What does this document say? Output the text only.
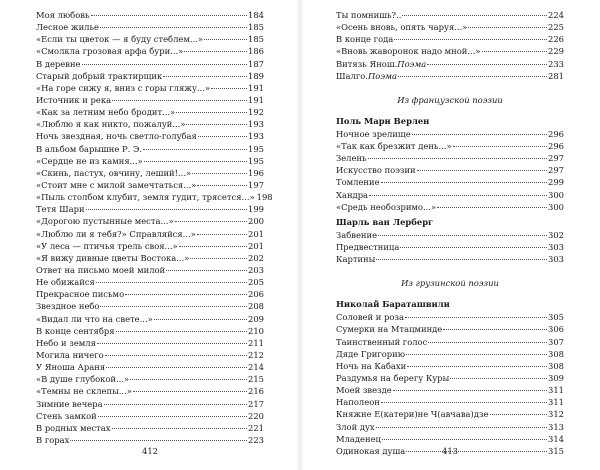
Моя любовь	184
Лесное жилье	185
«Если ты цветок — я буду стеблем...»	185
«Смолкла грозовая арфа бури...»	186
В деревне	187
Старый добрый трактирщик	189
«На горе сижу я, вниз с горы гляжу...»	191
Источник и река	191
«Как за летним небо бродит...»	192
«Люблю я как никто, пожалуй...»	193
Ночь звездная, ночь светло-голубая	193
В альбом барышне Р. Э.	195
«Сердце не из камня...»	195
«Скинь, пастух, овчину, леший!...»	196
«Стоит мне с милой замечтаться...»	197
«Пыль столбом клубит, земля гудит, трясется...» 198
Тетя Шари	199
«Дорогою пустынные места...»	200
«Люблю ли я тебя?» Справляйся...»	201
«У леса — птичья трель своя...»	201
«Я вижу дивные цветы Востока...»	202
Ответ на письмо моей милой	203
Не обижайся	205
Прекрасное письмо	206
Звездное небо	208
«Видал ли что на свете...»	209
В конце сентября	210
Небо и земля	211
Могила ничего	212
У Яноша Араня	214
«В душе глубокой...»	215
«Темны не склепы...»	216
Зимние вечера	217
Стень замкой	220
В родных местах	221
В горах	223
412
Ты помнишь?..	224
«Осень вновь, опять чаруя...»	225
В конце года	226
«Вновь жаворонок надо мной...»	229
Витязь Янош. Поэма	233
Шалго. Поэма	281
Из французской поэзии
Поль Мари Верлен
Ночное зрелище	296
«Так как брезжит день...»	296
Зелень	297
Искусство поэзии	297
Томление	299
Хандра	300
«Средь необозримо...»	300
Шарль ван Лерберг
Забвение	302
Предвестница	303
Картины	303
Из грузинской поэзии
Николай Бараташвили
Соловей и роза	305
Сумерки на Мтацминде	306
Таинственный голос	307
Дяде Григорию	308
Ночь на Кабахи	308
Раздумья на берегу Куры	309
Моей звезде	311
Наполеон	311
Княжне Е(катери)не Ч(авчава)дзе	312
Злой дух	313
Младенец	314
Одинокая душа	315
413
